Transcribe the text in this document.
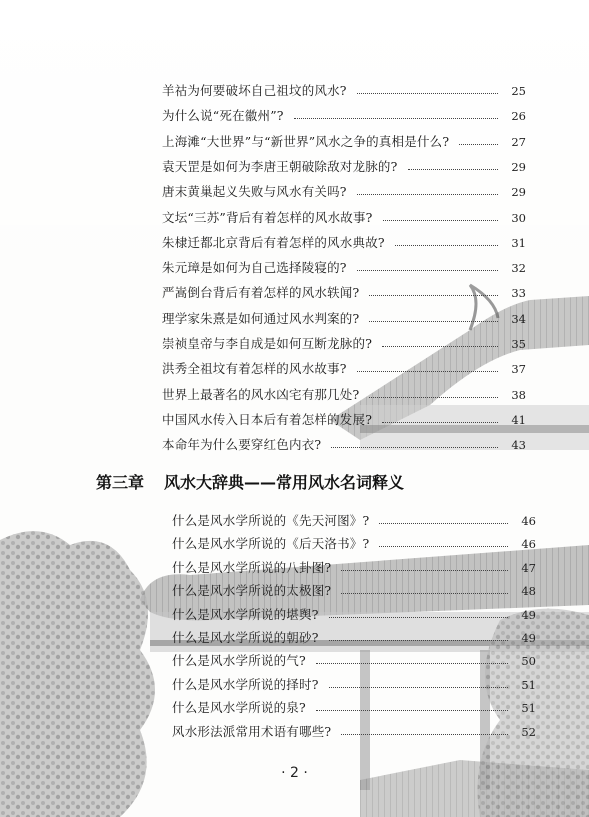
羊祜为何要破坏自己祖坟的风水?	25
为什么说“死在徽州”?	26
上海滩“大世界”与“新世界”风水之争的真相是什么?	27
袁天罡是如何为李唐王朝破除敌对龙脉的?	29
唐末黄巢起义失败与风水有关吗?	29
文坛“三苏”背后有着怎样的风水故事?	30
朱棣迁都北京背后有着怎样的风水典故?	31
朱元璋是如何为自己选择陵寝的?	32
严嵩倒台背后有着怎样的风水轶闻?	33
理学家朱熹是如何通过风水判案的?	34
崇祯皇帝与李自成是如何互断龙脉的?	35
洪秀全祖坟有着怎样的风水故事?	37
世界上最著名的风水凶宅有那几处?	38
中国风水传入日本后有着怎样的发展?	41
本命年为什么要穿红色内衣?	43
什么是风水学所说的《先天河图》?	46
什么是风水学所说的《后天洛书》?	46
什么是风水学所说的八卦图?	47
什么是风水学所说的太极图?	48
什么是风水学所说的堪舆?	49
什么是风水学所说的朝砂?	49
什么是风水学所说的气?	50
什么是风水学所说的择时?	51
什么是风水学所说的泉?	51
风水形法派常用术语有哪些?	52
第三章 风水大辞典——常用风水名词释义
· 2 ·
